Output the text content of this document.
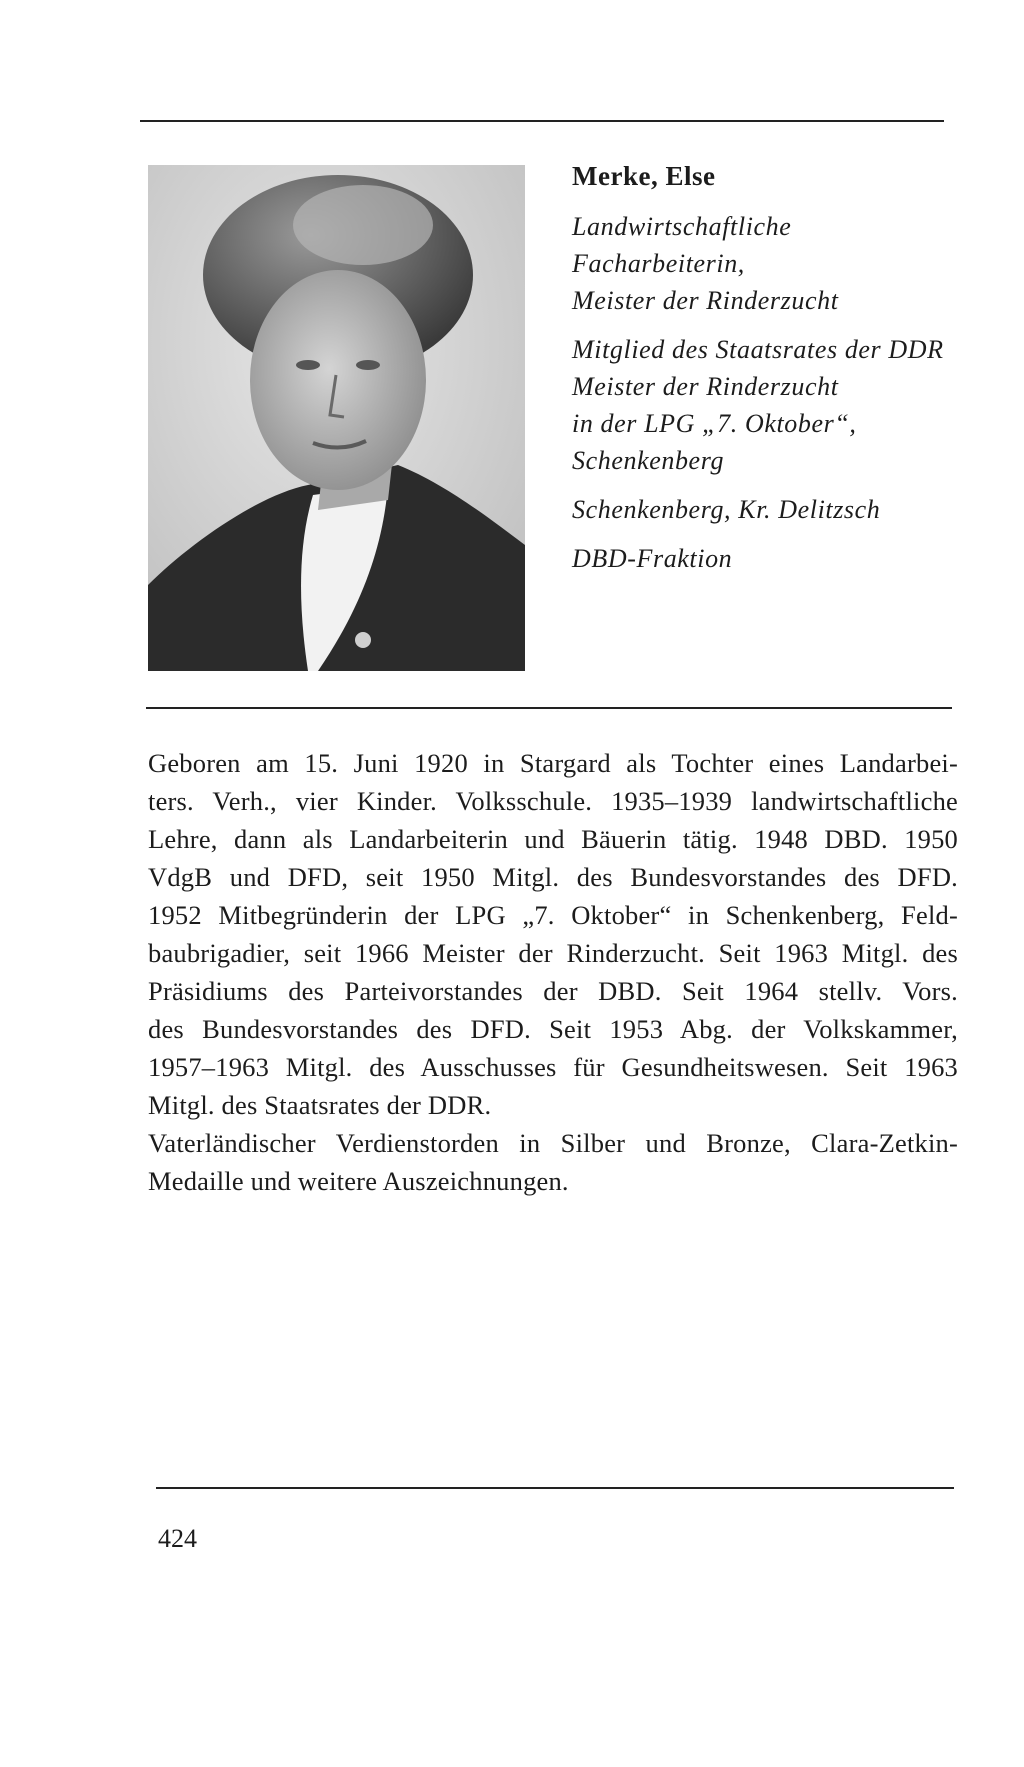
Merke, Else
Landwirtschaftliche
Facharbeiterin,
Meister der Rinderzucht
Mitglied des Staatsrates der DDR
Meister der Rinderzucht
in der LPG „7. Oktober“,
Schenkenberg
Schenkenberg, Kr. Delitzsch
DBD-Fraktion
Geboren am 15. Juni 1920 in Stargard als Tochter eines Landarbei-
ters. Verh., vier Kinder. Volksschule. 1935–1939 landwirtschaftliche
Lehre, dann als Landarbeiterin und Bäuerin tätig. 1948 DBD. 1950
VdgB und DFD, seit 1950 Mitgl. des Bundesvorstandes des DFD.
1952 Mitbegründerin der LPG „7. Oktober“ in Schenkenberg, Feld-
baubrigadier, seit 1966 Meister der Rinderzucht. Seit 1963 Mitgl. des
Präsidiums des Parteivorstandes der DBD. Seit 1964 stellv. Vors.
des Bundesvorstandes des DFD. Seit 1953 Abg. der Volkskammer,
1957–1963 Mitgl. des Ausschusses für Gesundheitswesen. Seit 1963
Mitgl. des Staatsrates der DDR.
Vaterländischer Verdienstorden in Silber und Bronze, Clara-Zetkin-
Medaille und weitere Auszeichnungen.
424
